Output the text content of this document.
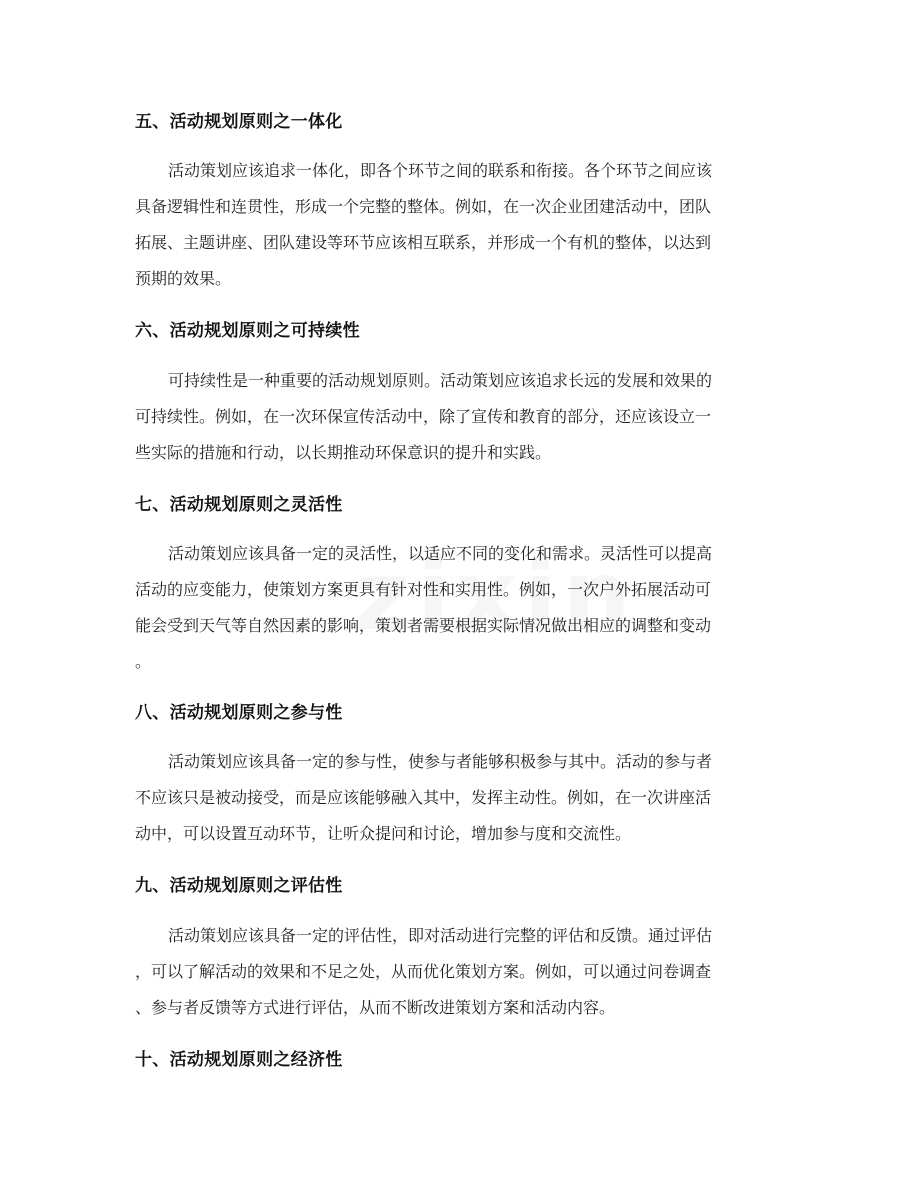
五、活动规划原则之一体化
活动策划应该追求一体化，即各个环节之间的联系和衔接。各个环节之间应该
具备逻辑性和连贯性，形成一个完整的整体。例如，在一次企业团建活动中，团队
拓展、主题讲座、团队建设等环节应该相互联系，并形成一个有机的整体，以达到
预期的效果。
六、活动规划原则之可持续性
可持续性是一种重要的活动规划原则。活动策划应该追求长远的发展和效果的
可持续性。例如，在一次环保宣传活动中，除了宣传和教育的部分，还应该设立一
些实际的措施和行动，以长期推动环保意识的提升和实践。
七、活动规划原则之灵活性
活动策划应该具备一定的灵活性，以适应不同的变化和需求。灵活性可以提高
活动的应变能力，使策划方案更具有针对性和实用性。例如，一次户外拓展活动可
能会受到天气等自然因素的影响，策划者需要根据实际情况做出相应的调整和变动
。
八、活动规划原则之参与性
活动策划应该具备一定的参与性，使参与者能够积极参与其中。活动的参与者
不应该只是被动接受，而是应该能够融入其中，发挥主动性。例如，在一次讲座活
动中，可以设置互动环节，让听众提问和讨论，增加参与度和交流性。
九、活动规划原则之评估性
活动策划应该具备一定的评估性，即对活动进行完整的评估和反馈。通过评估
，可以了解活动的效果和不足之处，从而优化策划方案。例如，可以通过问卷调查
、参与者反馈等方式进行评估，从而不断改进策划方案和活动内容。
十、活动规划原则之经济性
